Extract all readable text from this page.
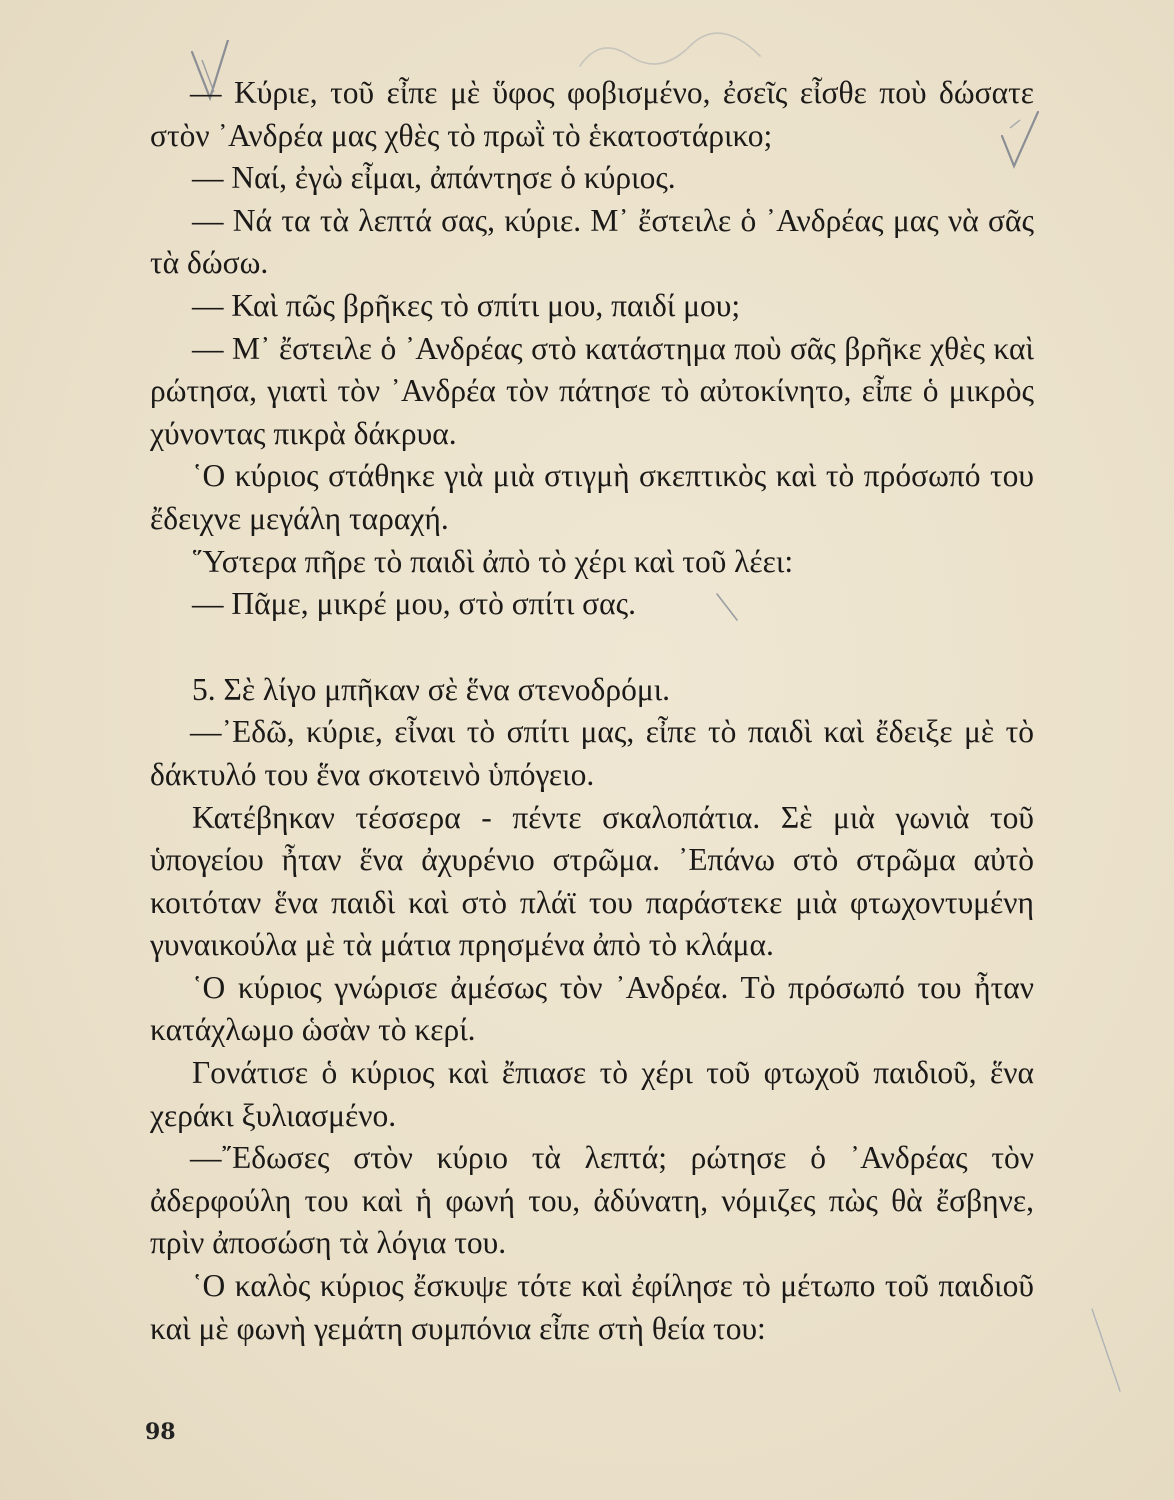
— Κύριε, τοῦ εἶπε μὲ ὕφος φοβισμένο, ἐσεῖς εἶσθε ποὺ δώσατε στὸν ᾿Ανδρέα μας χθὲς τὸ πρωῒ τὸ ἑκατοστάρικο;

— Ναί, ἐγὼ εἶμαι, ἀπάντησε ὁ κύριος.

— Νά τα τὰ λεπτά σας, κύριε. Μ᾿ ἔστειλε ὁ ᾿Ανδρέας μας νὰ σᾶς τὰ δώσω.

— Καὶ πῶς βρῆκες τὸ σπίτι μου, παιδί μου;

— Μ᾿ ἔστειλε ὁ ᾿Ανδρέας στὸ κατάστημα ποὺ σᾶς βρῆκε χθὲς καὶ ρώτησα, γιατὶ τὸν ᾿Ανδρέα τὸν πάτησε τὸ αὐτοκίνητο, εἶπε ὁ μικρὸς χύνοντας πικρὰ δάκρυα.

῾Ο κύριος στάθηκε γιὰ μιὰ στιγμὴ σκεπτικὸς καὶ τὸ πρόσωπό του ἔδειχνε μεγάλη ταραχή.

῞Υστερα πῆρε τὸ παιδὶ ἀπὸ τὸ χέρι καὶ τοῦ λέει:

— Πᾶμε, μικρέ μου, στὸ σπίτι σας.

5. Σὲ λίγο μπῆκαν σὲ ἕνα στενοδρόμι.

—᾿Εδῶ, κύριε, εἶναι τὸ σπίτι μας, εἶπε τὸ παιδὶ καὶ ἔδειξε μὲ τὸ δάκτυλό του ἕνα σκοτεινὸ ὑπόγειο.

Κατέβηκαν τέσσερα - πέντε σκαλοπάτια. Σὲ μιὰ γωνιὰ τοῦ ὑπογείου ἦταν ἕνα ἀχυρένιο στρῶμα. ᾿Επάνω στὸ στρῶμα αὐτὸ κοιτόταν ἕνα παιδὶ καὶ στὸ πλάϊ του παράστεκε μιὰ φτωχοντυμένη γυναικούλα μὲ τὰ μάτια πρησμένα ἀπὸ τὸ κλάμα.

῾Ο κύριος γνώρισε ἀμέσως τὸν ᾿Ανδρέα. Τὸ πρόσωπό του ἦταν κατάχλωμο ὡσὰν τὸ κερί.

Γονάτισε ὁ κύριος καὶ ἔπιασε τὸ χέρι τοῦ φτωχοῦ παιδιοῦ, ἕνα χεράκι ξυλιασμένο.

—῎Εδωσες στὸν κύριο τὰ λεπτά; ρώτησε ὁ ᾿Ανδρέας τὸν ἀδερφούλη του καὶ ἡ φωνή του, ἀδύνατη, νόμιζες πὼς θὰ ἔσβηνε, πρὶν ἀποσώση τὰ λόγια του.

῾Ο καλὸς κύριος ἔσκυψε τότε καὶ ἐφίλησε τὸ μέτωπο τοῦ παιδιοῦ καὶ μὲ φωνὴ γεμάτη συμπόνια εἶπε στὴ θεία του:

98
